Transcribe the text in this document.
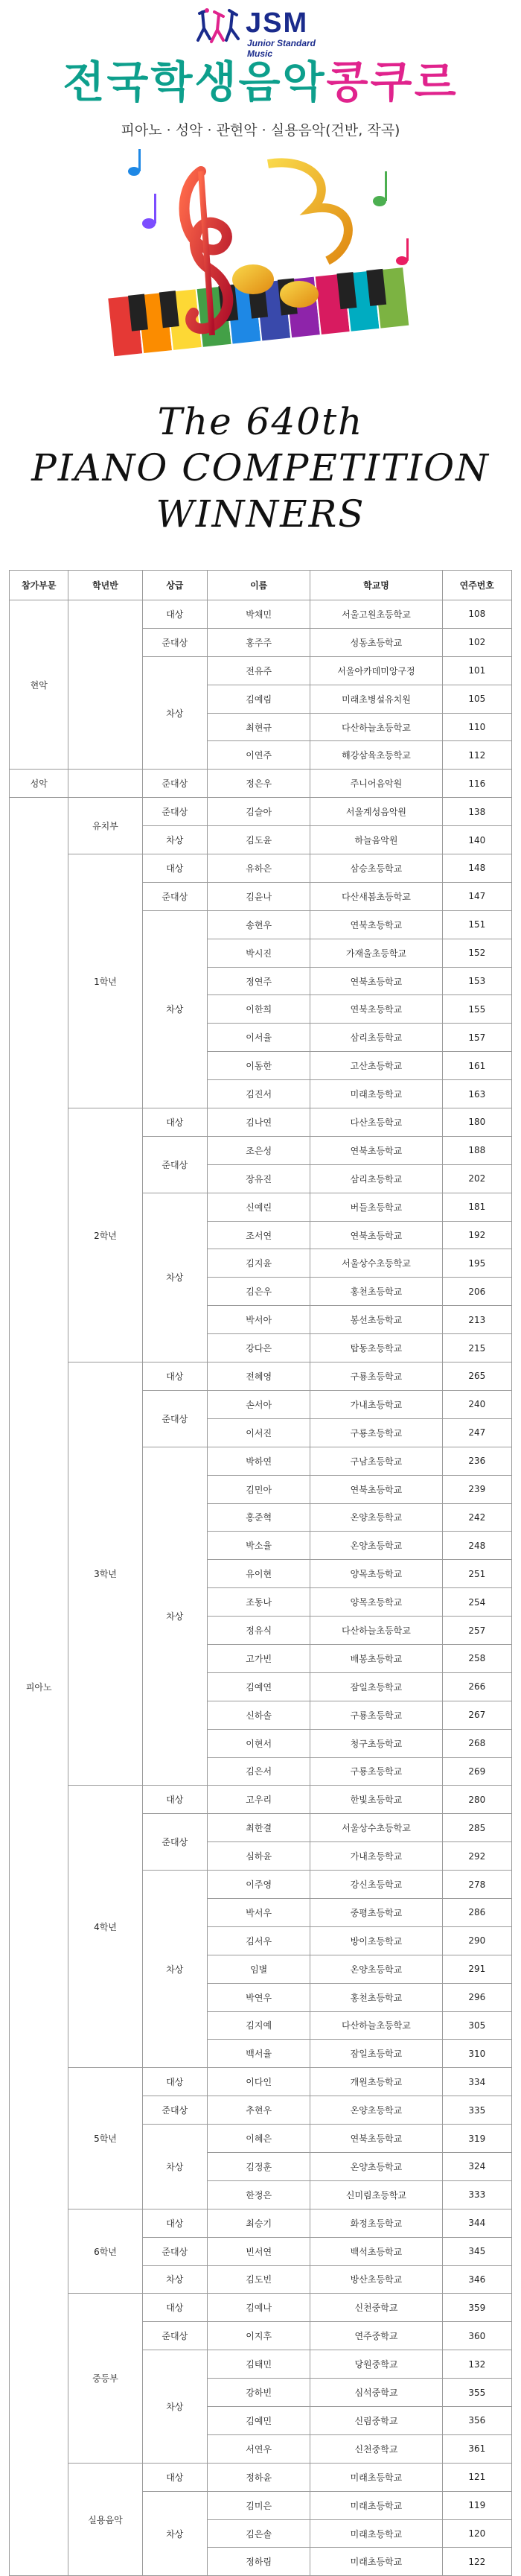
JSM
Junior Standard Music
전국학생음악콩쿠르
피아노 · 성악 · 관현악 · 실용음악(건반, 작곡)
The 640th
PIANO COMPETITION
WINNERS
참가부문	학년반	상급	이름	학교명	연주번호
현악		대상	박채민	서울고원초등학교	108
		준대상	홍주주	성동초등학교	102
		차상	전유주	서울아카데미앙구정	101
			김예림	미래초병설유치원	105
			최현규	다산하늘초등학교	110
			이연주	해강삼육초등학교	112
성악		준대상	정은우	주니어음악원	116
피아노	유치부	준대상	김슬아	서울계성음악원	138
		차상	김도윤	하늘음악원	140
	1학년	대상	유하은	삼승초등학교	148
		준대상	김윤나	다산새봄초등학교	147
		차상	송현우	연북초등학교	151
			박시진	가재울초등학교	152
			정연주	연북초등학교	153
			이한희	연북초등학교	155
			이서율	삼리초등학교	157
			이동한	고산초등학교	161
			김진서	미래초등학교	163
	2학년	대상	김나연	다산초등학교	180
		준대상	조은성	연북초등학교	188
			장유진	삼리초등학교	202
		차상	신예린	버들초등학교	181
			조서연	연북초등학교	192
			김지윤	서울상수초등학교	195
			김은우	홍천초등학교	206
			박서아	봉선초등학교	213
			강다은	탑동초등학교	215
	3학년	대상	전혜영	구룡초등학교	265
		준대상	손서아	가내초등학교	240
			이서진	구룡초등학교	247
		차상	박하연	구남초등학교	236
			김민아	연북초등학교	239
			홍준혁	온양초등학교	242
			박소율	온양초등학교	248
			유이현	양목초등학교	251
			조동나	양목초등학교	254
			정유식	다산하늘초등학교	257
			고가빈	배봉초등학교	258
			김예연	잠일초등학교	266
			신하솔	구룡초등학교	267
			이현서	청구초등학교	268
			김은서	구룡초등학교	269
	4학년	대상	고우리	한빛초등학교	280
		준대상	최한결	서울상수초등학교	285
			심하윤	가내초등학교	292
		차상	이주영	강신초등학교	278
			박서우	중평초등학교	286
			김서우	방이초등학교	290
			임별	온양초등학교	291
			박연우	홍천초등학교	296
			김지예	다산하늘초등학교	305
			백서율	잠일초등학교	310
	5학년	대상	이다인	개원초등학교	334
		준대상	추현우	온양초등학교	335
		차상	이혜은	연북초등학교	319
			김정훈	온양초등학교	324
			한정은	신미림초등학교	333
	6학년	대상	최승기	화정초등학교	344
		준대상	빈서연	백석초등학교	345
		차상	김도빈	방산초등학교	346
	중등부	대상	김예나	신천중학교	359
		준대상	이지후	연주중학교	360
		차상	김태민	당원중학교	132
			강하빈	심석중학교	355
			김예민	신림중학교	356
			서연우	신천중학교	361
	실용음악	대상	정하윤	미래초등학교	121
		차상	김미은	미래초등학교	119
			김은솔	미래초등학교	120
			정하림	미래초등학교	122
